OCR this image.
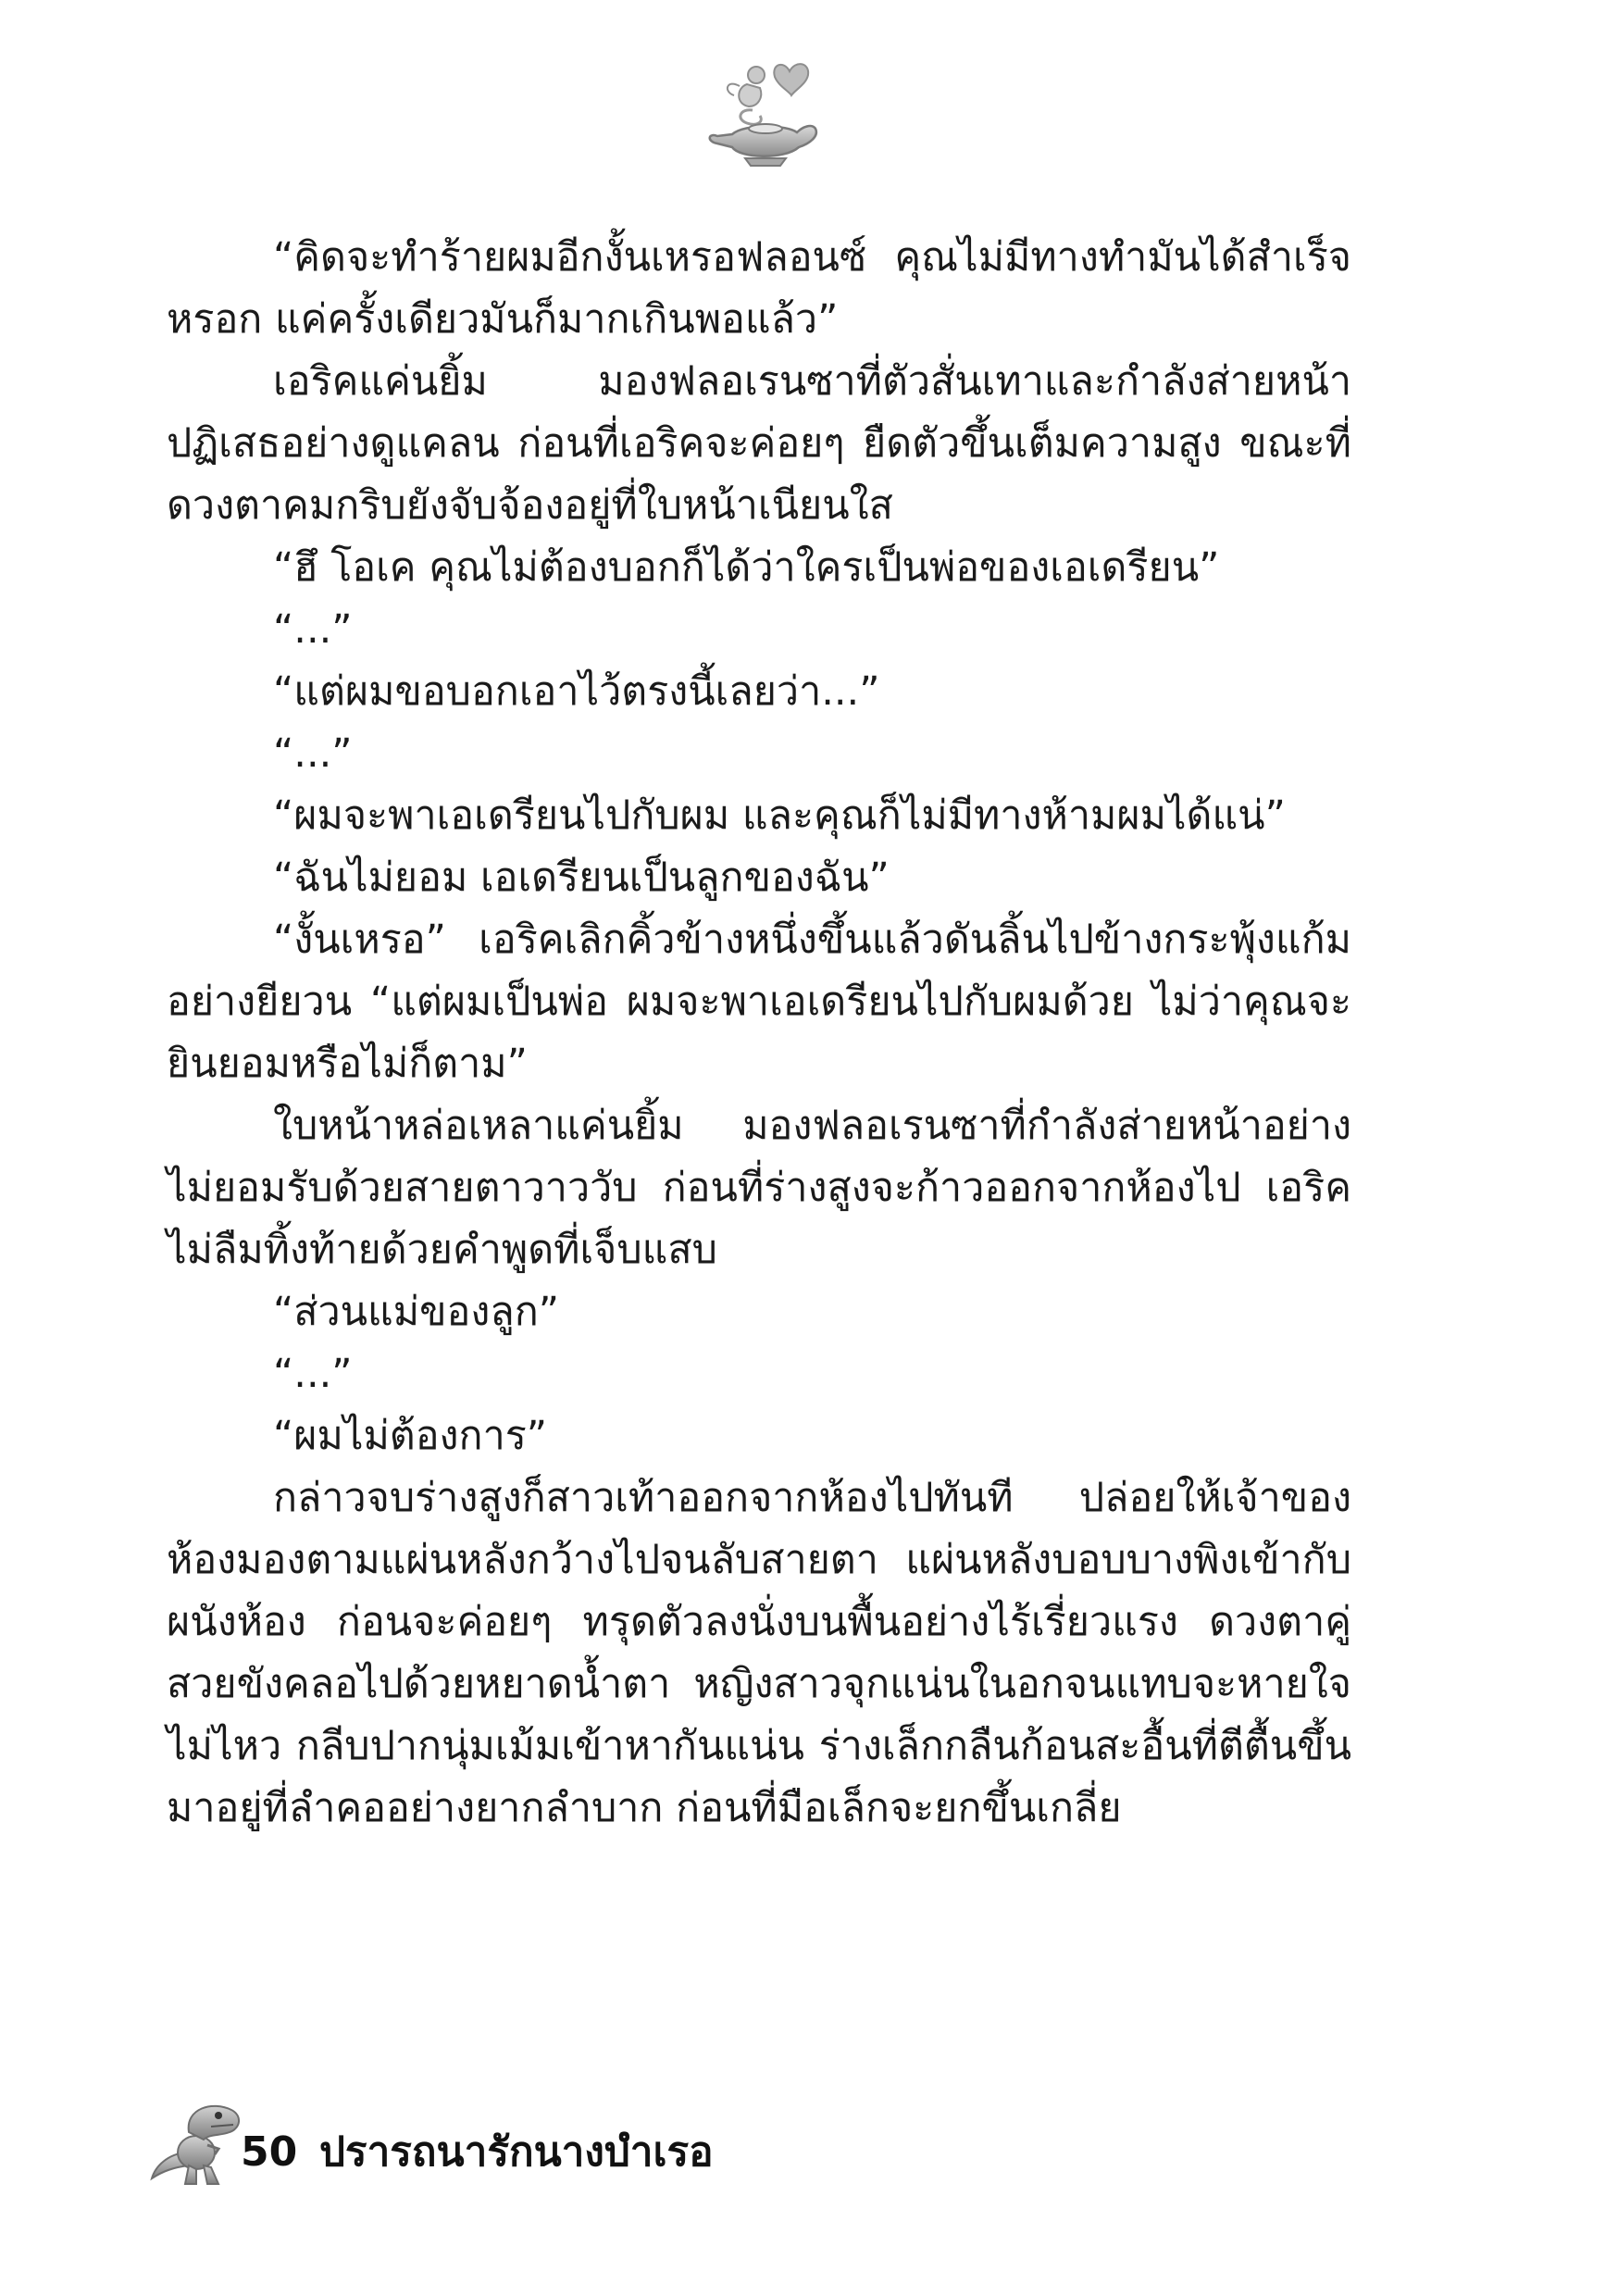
“คิดจะทำร้ายผมอีกงั้นเหรอฟลอนซ์ คุณไม่มีทางทำมันได้สำเร็จหรอก แค่ครั้งเดียวมันก็มากเกินพอแล้ว”

เอริคแค่นยิ้ม มองฟลอเรนซาที่ตัวสั่นเทาและกำลังส่ายหน้าปฏิเสธอย่างดูแคลน ก่อนที่เอริคจะค่อยๆ ยืดตัวขึ้นเต็มความสูง ขณะที่ดวงตาคมกริบยังจับจ้องอยู่ที่ใบหน้าเนียนใส

“ฮึ โอเค คุณไม่ต้องบอกก็ได้ว่าใครเป็นพ่อของเอเดรียน”

“...”

“แต่ผมขอบอกเอาไว้ตรงนี้เลยว่า...”

“...”

“ผมจะพาเอเดรียนไปกับผม และคุณก็ไม่มีทางห้ามผมได้แน่”

“ฉันไม่ยอม เอเดรียนเป็นลูกของฉัน”

“งั้นเหรอ” เอริคเลิกคิ้วข้างหนึ่งขึ้นแล้วดันลิ้นไปข้างกระพุ้งแก้มอย่างยียวน “แต่ผมเป็นพ่อ ผมจะพาเอเดรียนไปกับผมด้วย ไม่ว่าคุณจะยินยอมหรือไม่ก็ตาม”

ใบหน้าหล่อเหลาแค่นยิ้ม มองฟลอเรนซาที่กำลังส่ายหน้าอย่างไม่ยอมรับด้วยสายตาวาววับ ก่อนที่ร่างสูงจะก้าวออกจากห้องไป เอริคไม่ลืมทิ้งท้ายด้วยคำพูดที่เจ็บแสบ

“ส่วนแม่ของลูก”

“...”

“ผมไม่ต้องการ”

กล่าวจบร่างสูงก็สาวเท้าออกจากห้องไปทันที ปล่อยให้เจ้าของห้องมองตามแผ่นหลังกว้างไปจนลับสายตา แผ่นหลังบอบบางพิงเข้ากับผนังห้อง ก่อนจะค่อยๆ ทรุดตัวลงนั่งบนพื้นอย่างไร้เรี่ยวแรง ดวงตาคู่สวยขังคลอไปด้วยหยาดน้ำตา หญิงสาวจุกแน่นในอกจนแทบจะหายใจไม่ไหว กลีบปากนุ่มเม้มเข้าหากันแน่น ร่างเล็กกลืนก้อนสะอื้นที่ตีตื้นขึ้นมาอยู่ที่ลำคออย่างยากลำบาก ก่อนที่มือเล็กจะยกขึ้นเกลี่ย

50 ปรารถนารักนางบำเรอ
